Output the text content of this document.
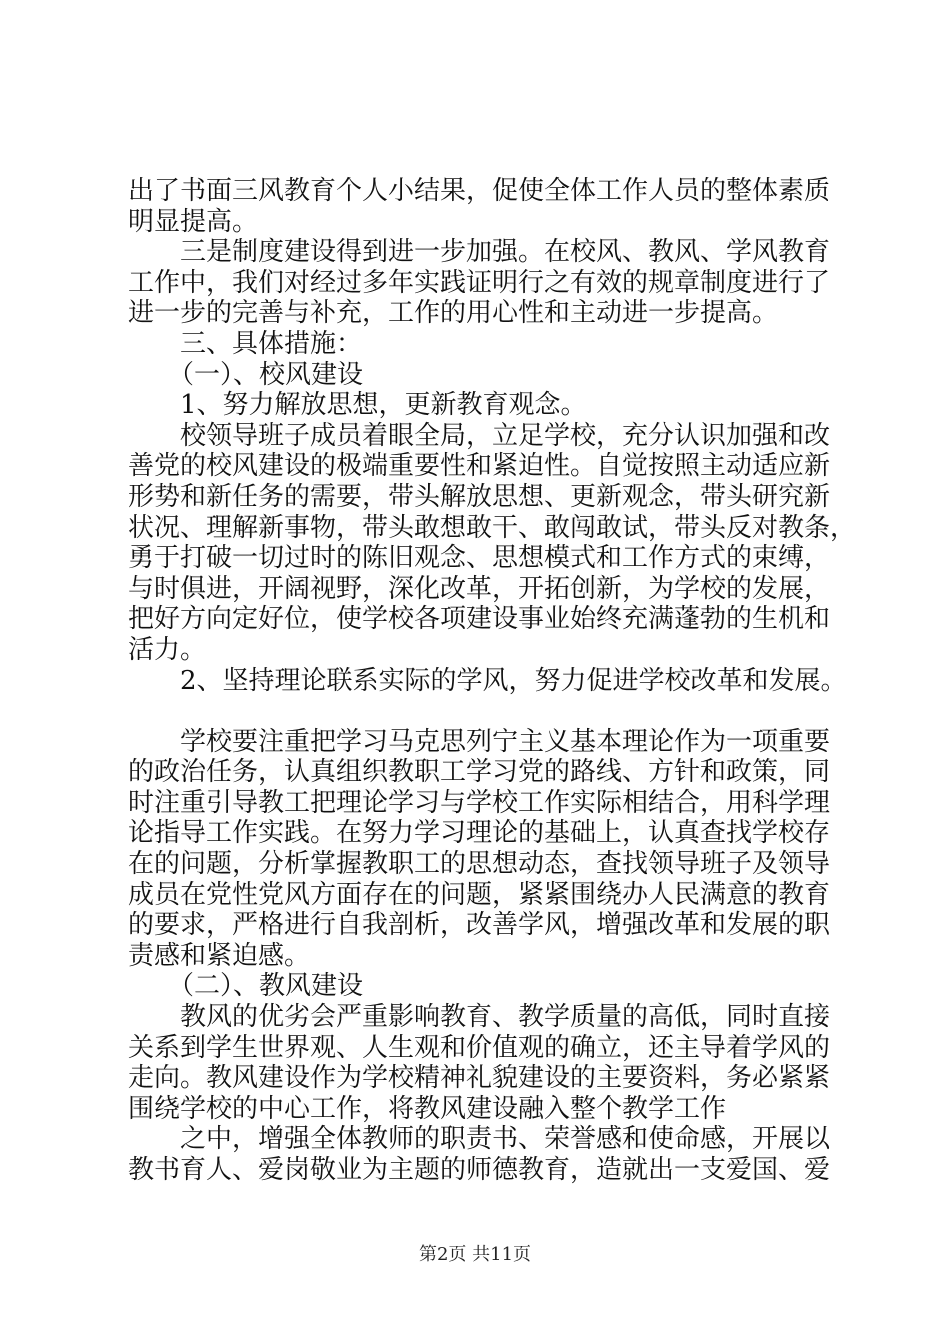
出了书面三风教育个人小结果，促使全体工作人员的整体素质
明显提高。
三是制度建设得到进一步加强。在校风、教风、学风教育
工作中，我们对经过多年实践证明行之有效的规章制度进行了
进一步的完善与补充，工作的用心性和主动进一步提高。
三、具体措施：
（一）、校风建设
1、努力解放思想，更新教育观念。
校领导班子成员着眼全局，立足学校，充分认识加强和改
善党的校风建设的极端重要性和紧迫性。自觉按照主动适应新
形势和新任务的需要，带头解放思想、更新观念，带头研究新
状况、理解新事物，带头敢想敢干、敢闯敢试，带头反对教条，
勇于打破一切过时的陈旧观念、思想模式和工作方式的束缚，
与时俱进，开阔视野，深化改革，开拓创新，为学校的发展，
把好方向定好位，使学校各项建设事业始终充满蓬勃的生机和
活力。
2、坚持理论联系实际的学风，努力促进学校改革和发展。
学校要注重把学习马克思列宁主义基本理论作为一项重要
的政治任务，认真组织教职工学习党的路线、方针和政策，同
时注重引导教工把理论学习与学校工作实际相结合，用科学理
论指导工作实践。在努力学习理论的基础上，认真查找学校存
在的问题，分析掌握教职工的思想动态，查找领导班子及领导
成员在党性党风方面存在的问题，紧紧围绕办人民满意的教育
的要求，严格进行自我剖析，改善学风，增强改革和发展的职
责感和紧迫感。
（二）、教风建设
教风的优劣会严重影响教育、教学质量的高低，同时直接
关系到学生世界观、人生观和价值观的确立，还主导着学风的
走向。教风建设作为学校精神礼貌建设的主要资料，务必紧紧
围绕学校的中心工作，将教风建设融入整个教学工作
之中，增强全体教师的职责书、荣誉感和使命感，开展以
教书育人、爱岗敬业为主题的师德教育，造就出一支爱国、爱
第2页 共11页
